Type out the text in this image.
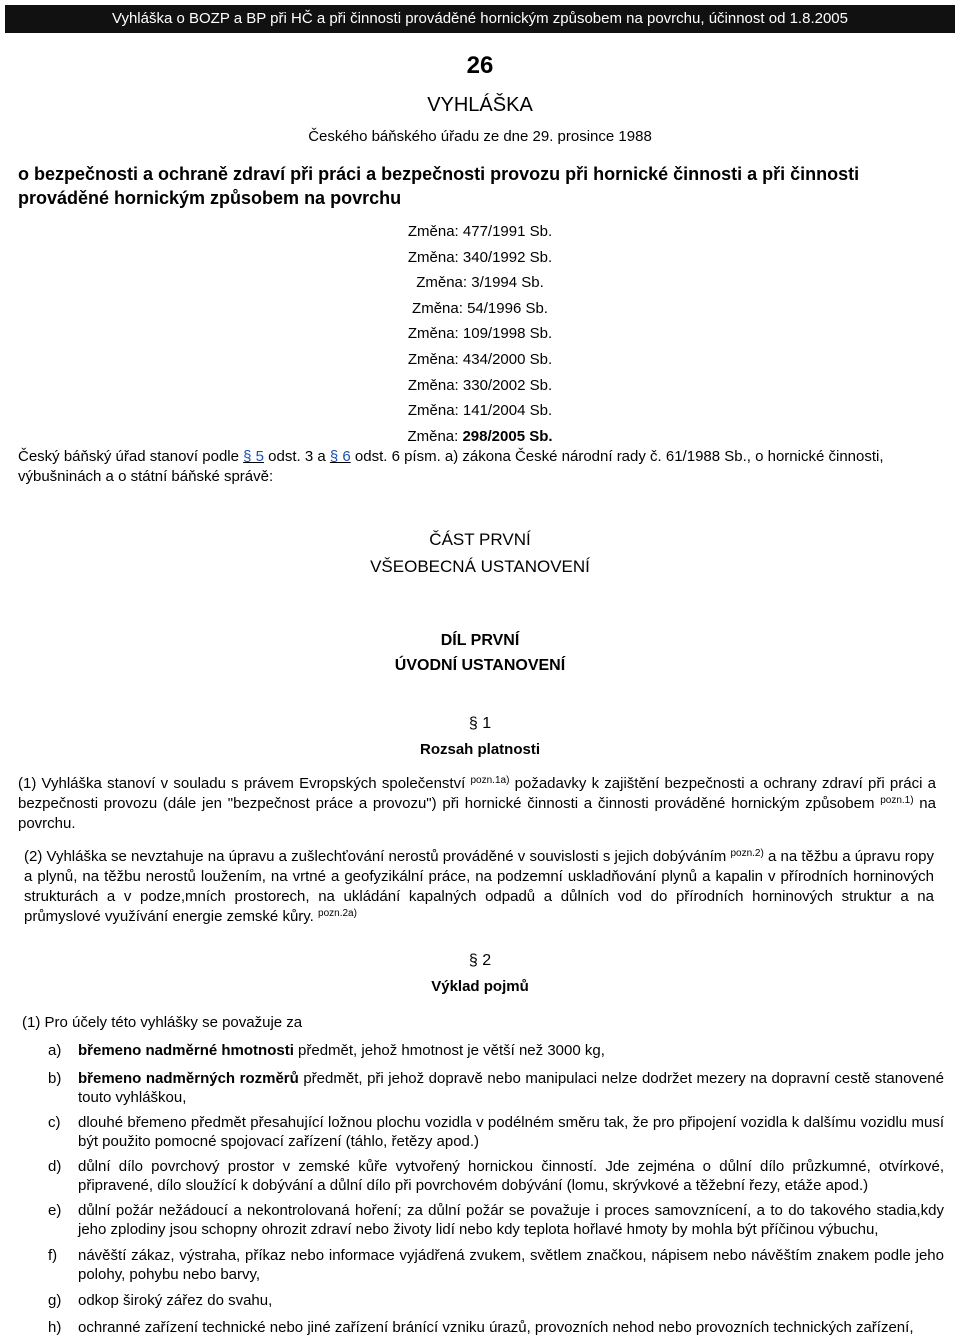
Vyhláška o BOZP a BP při HČ a při činnosti prováděné hornickým způsobem na povrchu, účinnost od 1.8.2005
26
VYHLÁŠKA
Českého báňského úřadu ze dne 29. prosince 1988
o bezpečnosti a ochraně zdraví při práci a bezpečnosti provozu při hornické činnosti a při činnosti prováděné hornickým způsobem na povrchu
Změna: 477/1991 Sb.
Změna: 340/1992 Sb.
Změna: 3/1994 Sb.
Změna: 54/1996 Sb.
Změna: 109/1998 Sb.
Změna: 434/2000 Sb.
Změna: 330/2002 Sb.
Změna: 141/2004 Sb.
Změna: 298/2005 Sb.
Český báňský úřad stanoví podle § 5 odst. 3 a § 6 odst. 6 písm. a) zákona České národní rady č. 61/1988 Sb., o hornické činnosti, výbušninách a o státní báňské správě:
ČÁST PRVNÍ
VŠEOBECNÁ USTANOVENÍ
DÍL PRVNÍ
ÚVODNÍ USTANOVENÍ
§ 1
Rozsah platnosti
(1) Vyhláška stanoví v souladu s právem Evropských společenství $^{pozn.1a)}$ požadavky k zajištění bezpečnosti a ochrany zdraví při práci a bezpečnosti provozu (dále jen "bezpečnost práce a provozu") při hornické činnosti a činnosti prováděné hornickým způsobem $^{pozn.1)}$ na povrchu.
(2) Vyhláška se nevztahuje na úpravu a zušlechťování nerostů prováděné v souvislosti s jejich dobýváním $^{pozn.2)}$ a na těžbu a úpravu ropy a plynů, na těžbu nerostů loužením, na vrtné a geofyzikální práce, na podzemní uskladňování plynů a kapalin v přírodních horninových strukturách a v podze,mních prostorech, na ukládání kapalných odpadů a důlních vod do přírodních horninových struktur a na průmyslové využívání energie zemské kůry. $^{pozn.2a)}$
§ 2
Výklad pojmů
(1) Pro účely této vyhlášky se považuje za
a)	břemeno nadměrné hmotnosti předmět, jehož hmotnost je větší než 3000 kg,
b)	břemeno nadměrných rozměrů předmět, při jehož dopravě nebo manipulaci nelze dodržet mezery na dopravní cestě stanovené touto vyhláškou,
c)	dlouhé břemeno předmět přesahující ložnou plochu vozidla v podélném směru tak, že pro připojení vozidla k dalšímu vozidlu musí být použito pomocné spojovací zařízení (táhlo, řetězy apod.)
d)	důlní dílo povrchový prostor v zemské kůře vytvořený hornickou činností. Jde zejména o důlní dílo průzkumné, otvírkové, připravené, dílo sloužící k dobývání a důlní dílo při povrchovém dobývání (lomu, skrývkové a těžební řezy, etáže apod.)
e)	důlní požár nežádoucí a nekontrolovaná hoření; za důlní požár se považuje i proces samovznícení, a to do takového stadia,kdy jeho zplodiny jsou schopny ohrozit zdraví nebo životy lidí nebo kdy teplota hořlavé hmoty by mohla být příčinou výbuchu,
f)	návěští zákaz, výstraha, příkaz nebo informace vyjádřená zvukem, světlem značkou, nápisem nebo návěštím znakem podle jeho polohy, pohybu nebo barvy,
g)	odkop široký zářez do svahu,
h)	ochranné zařízení technické nebo jiné zařízení bránící vzniku úrazů, provozních nehod nebo provozních technických zařízení,
